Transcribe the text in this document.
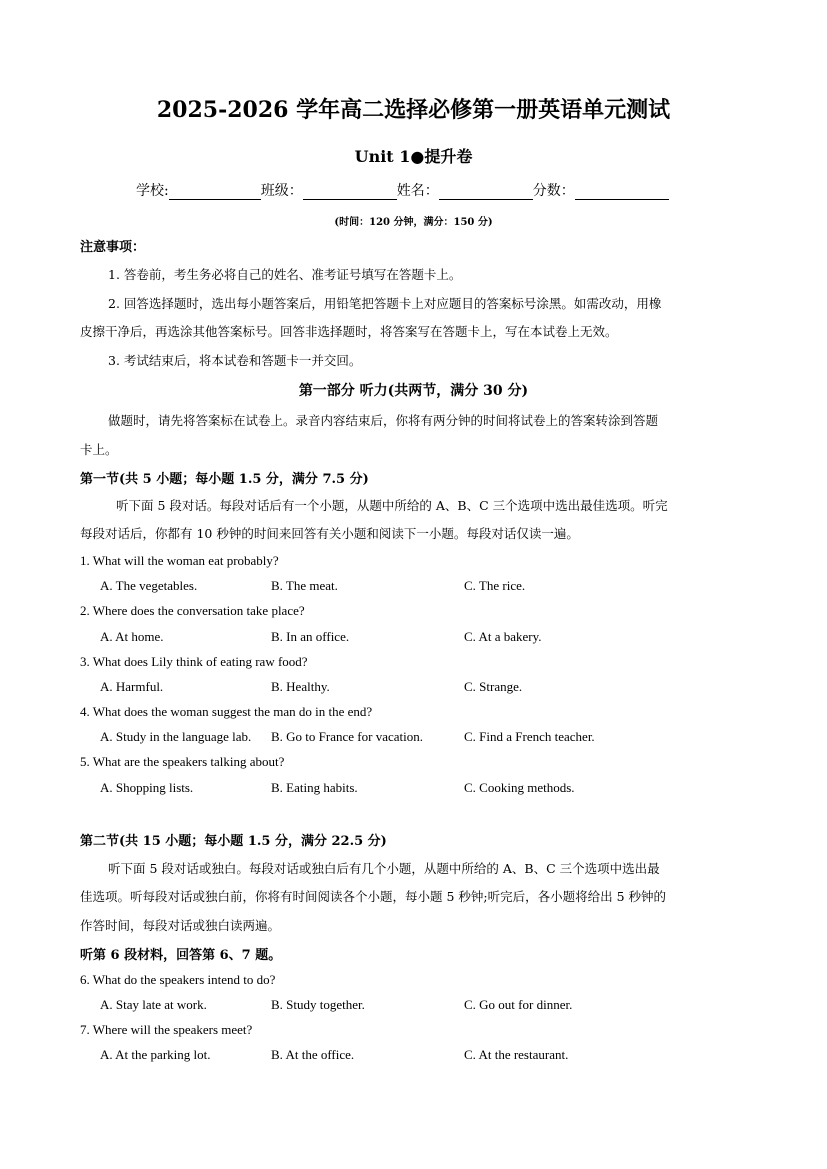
2025-2026 学年高二选择必修第一册英语单元测试
Unit 1●提升卷
学校:	班级：	姓名：	分数：
(时间：120 分钟，满分：150 分)
注意事项：
1. 答卷前，考生务必将自己的姓名、准考证号填写在答题卡上。
2. 回答选择题时，选出每小题答案后，用铅笔把答题卡上对应题目的答案标号涂黑。如需改动，用橡
皮擦干净后，再选涂其他答案标号。回答非选择题时，将答案写在答题卡上，写在本试卷上无效。
3. 考试结束后，将本试卷和答题卡一并交回。
第一部分 听力(共两节，满分 30 分)
做题时，请先将答案标在试卷上。录音内容结束后，你将有两分钟的时间将试卷上的答案转涂到答题
卡上。
第一节(共 5 小题；每小题 1.5 分，满分 7.5 分)
听下面 5 段对话。每段对话后有一个小题，从题中所给的 A、B、C 三个选项中选出最佳选项。听完
每段对话后，你都有 10 秒钟的时间来回答有关小题和阅读下一小题。每段对话仅读一遍。
1. What will the woman eat probably?
A. The vegetables.	B. The meat.	C. The rice.
2. Where does the conversation take place?
A. At home.	B. In an office.	C. At a bakery.
3. What does Lily think of eating raw food?
A. Harmful.	B. Healthy.	C. Strange.
4. What does the woman suggest the man do in the end?
A. Study in the language lab. B. Go to France for vacation.	C. Find a French teacher.
5. What are the speakers talking about?
A. Shopping lists.	B. Eating habits.	C. Cooking methods.
第二节(共 15 小题；每小题 1.5 分，满分 22.5 分)
听下面 5 段对话或独白。每段对话或独白后有几个小题，从题中所给的 A、B、C 三个选项中选出最
佳选项。听每段对话或独白前，你将有时间阅读各个小题，每小题 5 秒钟;听完后，各小题将给出 5 秒钟的
作答时间，每段对话或独白读两遍。
听第 6 段材料，回答第 6、7 题。
6. What do the speakers intend to do?
A. Stay late at work.	B. Study together.	C. Go out for dinner.
7. Where will the speakers meet?
A. At the parking lot.	B. At the office.	C. At the restaurant.
